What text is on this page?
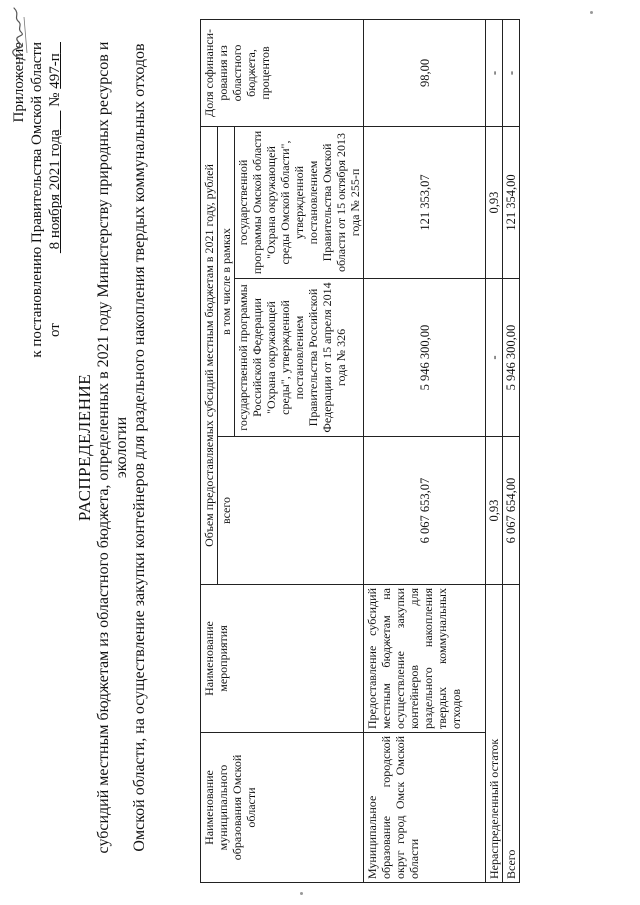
Приложение к постановлению Правительства Омской области от  8 ноября 2021 года      № 497-п
РАСПРЕДЕЛЕНИЕ субсидий местным бюджетам из областного бюджета, определенных в 2021 году Министерству природных ресурсов и экологии Омской области, на осуществление закупки контейнеров для раздельного накопления твердых коммунальных отходов	Наименование муниципального образования Омской области	Наименование мероприятия	Объем предоставляемых субсидий местным бюджетам в 2021 году, рублей			Доля софинанси-рования из областного бюджета, процентов
		всего	в том числе в рамках		
			государственной программы Российской Федерации "Охрана окружающей среды", утвержденной постановлением Правительства Российской Федерации от 15 апреля 2014 года № 326	государственной программы Омской области "Охрана окружающей среды Омской области", утвержденной постановлением Правительства Омской области от 15 октября 2013 года № 255-п	
Муниципальное образование городской округ город Омск Омской области	Предоставление субсидий местным бюджетам на осуществление закупки контейнеров для раздельного накопления твердых коммунальных отходов	6 067 653,07	5 946 300,00	121 353,07	98,00
Нераспределенный остаток		0,93	-	0,93	-
Всего		6 067 654,00	5 946 300,00	121 354,00	-
